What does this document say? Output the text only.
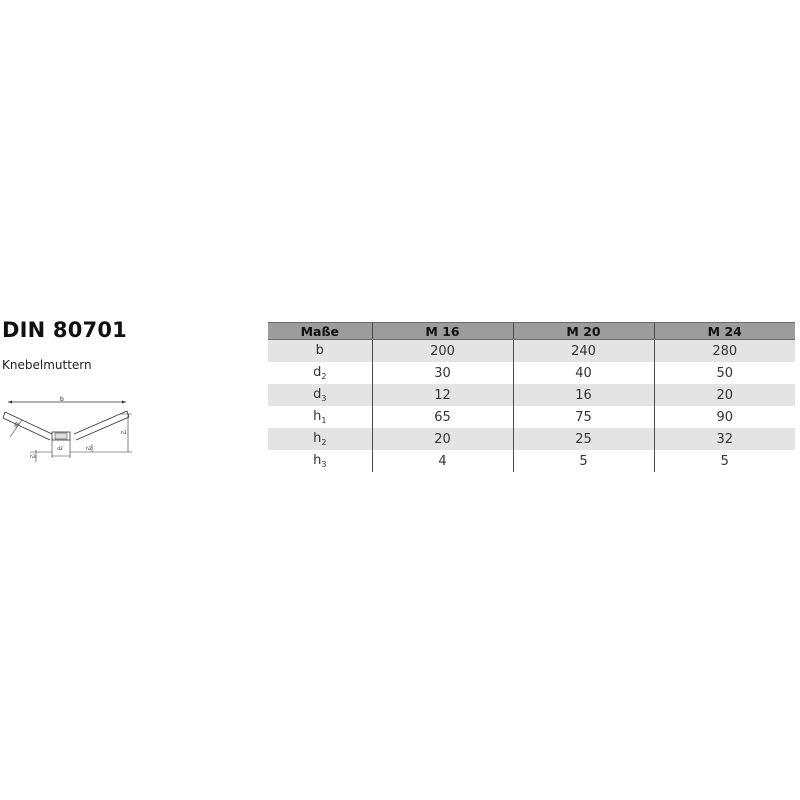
DIN 80701
Knebelmuttern
b
d3
h1
h2
h3
d2
Maße	M 16	M 20	M 24
b	200	240	280
$d_2$	30	40	50
$d_3$	12	16	20
$h_1$	65	75	90
$h_2$	20	25	32
$h_3$	4	5	5
